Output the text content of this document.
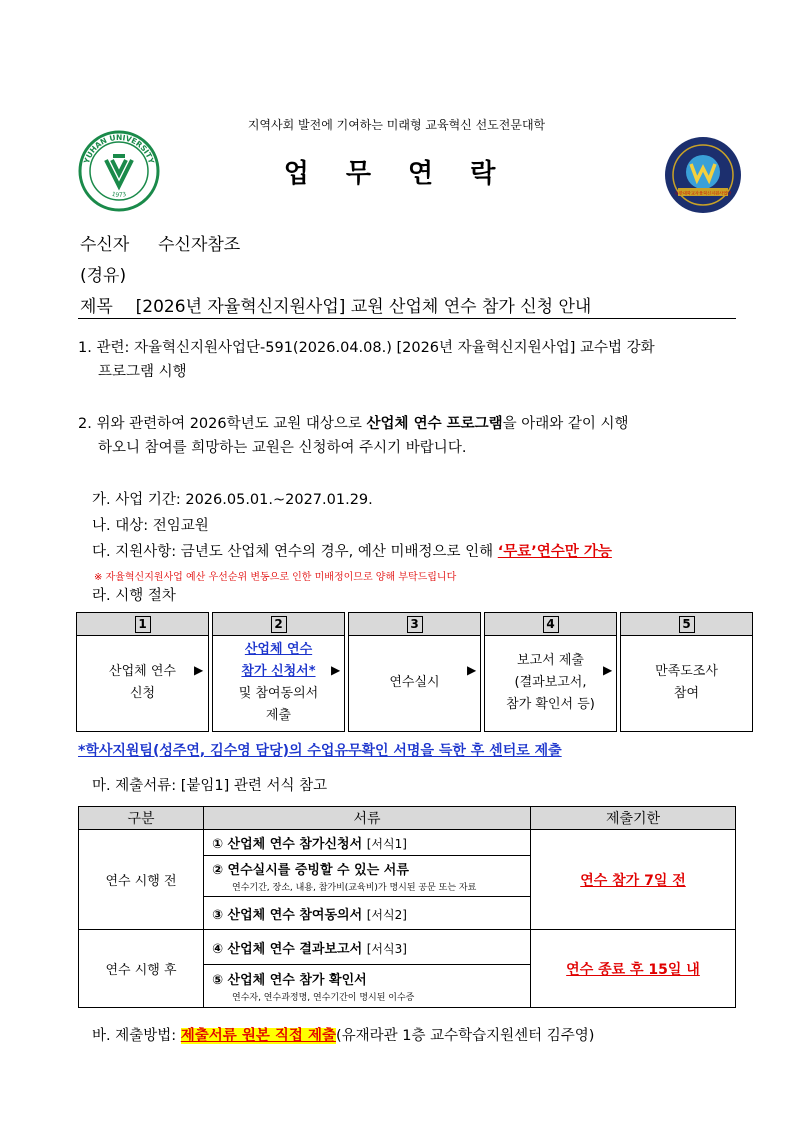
지역사회 발전에 기여하는 미래형 교육혁신 선도전문대학
업 무 연 락
YUHAN UNIVERSITY
1973	유한대학교자율혁신지원사업단
수신자 수신자참조
(경유)
제목 [2026년 자율혁신지원사업] 교원 산업체 연수 참가 신청 안내
1. 관련: 자율혁신지원사업단-591(2026.04.08.) [2026년 자율혁신지원사업] 교수법 강화
프로그램 시행
2. 위와 관련하여 2026학년도 교원 대상으로 산업체 연수 프로그램을 아래와 같이 시행
하오니 참여를 희망하는 교원은 신청하여 주시기 바랍니다.
가. 사업 기간: 2026.05.01.~2027.01.29.
나. 대상: 전임교원
다. 지원사항: 금년도 산업체 연수의 경우, 예산 미배정으로 인해 ‘무료’연수만 가능
※ 자율혁신지원사업 예산 우선순위 변동으로 인한 미배정이므로 양해 부탁드립니다
라. 시행 절차
1
산업체 연수
신청
▶
2
산업체 연수
참가 신청서*
및 참여동의서
제출
▶
3
연수실시
▶
4
보고서 제출
(결과보고서,
참가 확인서 등)
▶
5
만족도조사
참여
*학사지원팀(성주연, 김수영 담당)의 수업유무확인 서명을 득한 후 센터로 제출
마. 제출서류: [붙임1] 관련 서식 참고
구분	서류	제출기한
연수 시행 전	① 산업체 연수 참가신청서 [서식1]	연수 참가 7일 전
	② 연수실시를 증빙할 수 있는 서류
연수기간, 장소, 내용, 참가비(교육비)가 명시된 공문 또는 자료	

	③ 산업체 연수 참여동의서 [서식2]	
연수 시행 후	④ 산업체 연수 결과보고서 [서식3]	연수 종료 후 15일 내
	⑤ 산업체 연수 참가 확인서
연수자, 연수과정명, 연수기간이 명시된 이수증	
바. 제출방법: 제출서류 원본 직접 제출(유재라관 1층 교수학습지원센터 김주영)
